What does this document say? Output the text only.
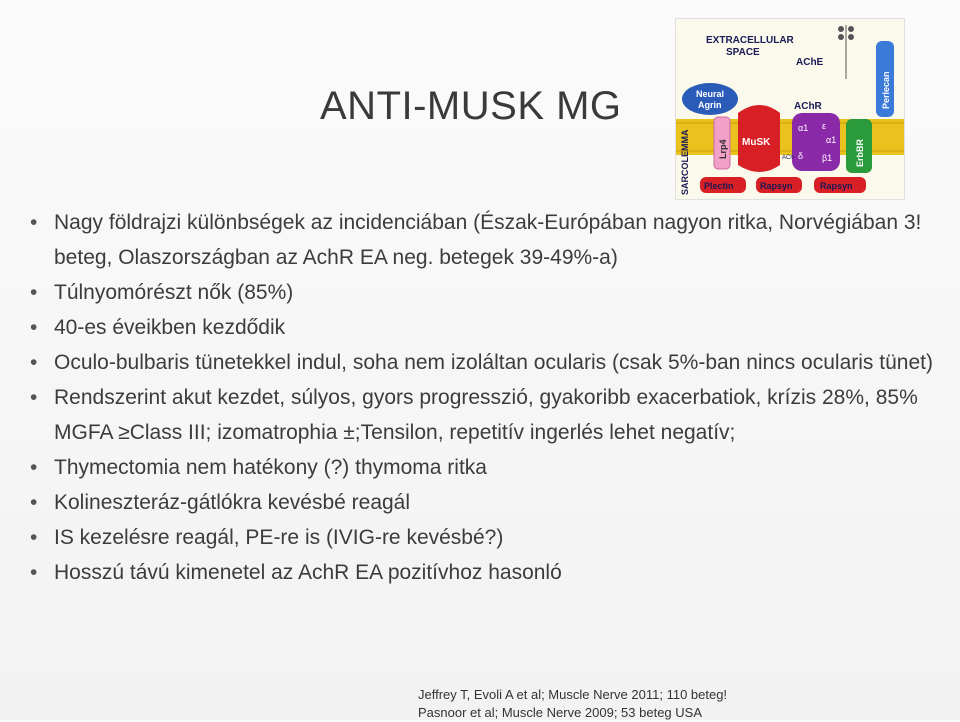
ANTI-MUSK MG
EXTRACELLULAR
SPACE
SARCOLEMMA
Neural
Agrin
Lrp4 MuSK
AChE
AChR
α1 ε
α1
δ β1
ACh	ErbBR
Perlecan
Plectin	Rapsyn	Rapsyn
• Nagy földrajzi különbségek az incidenciában (Észak-Európában nagyon ritka, Norvégiában 3! beteg, Olaszországban az AchR EA neg. betegek 39-49%-a)
• Túlnyomórészt nők (85%)
• 40-es éveikben kezdődik
• Oculo-bulbaris tünetekkel indul, soha nem izoláltan ocularis (csak 5%-ban nincs ocularis tünet)
• Rendszerint akut kezdet, súlyos, gyors progresszió, gyakoribb exacerbatiok, krízis 28%, 85% MGFA ≥Class III; izomatrophia ±;Tensilon, repetitív ingerlés lehet negatív;
• Thymectomia nem hatékony (?) thymoma ritka
• Kolineszteráz-gátlókra kevésbé reagál
• IS kezelésre reagál, PE-re is (IVIG-re kevésbé?)
• Hosszú távú kimenetel az AchR EA pozitívhoz hasonló
Jeffrey T, Evoli A et al; Muscle Nerve 2011; 110 beteg!
Pasnoor et al; Muscle Nerve 2009; 53 beteg USA
